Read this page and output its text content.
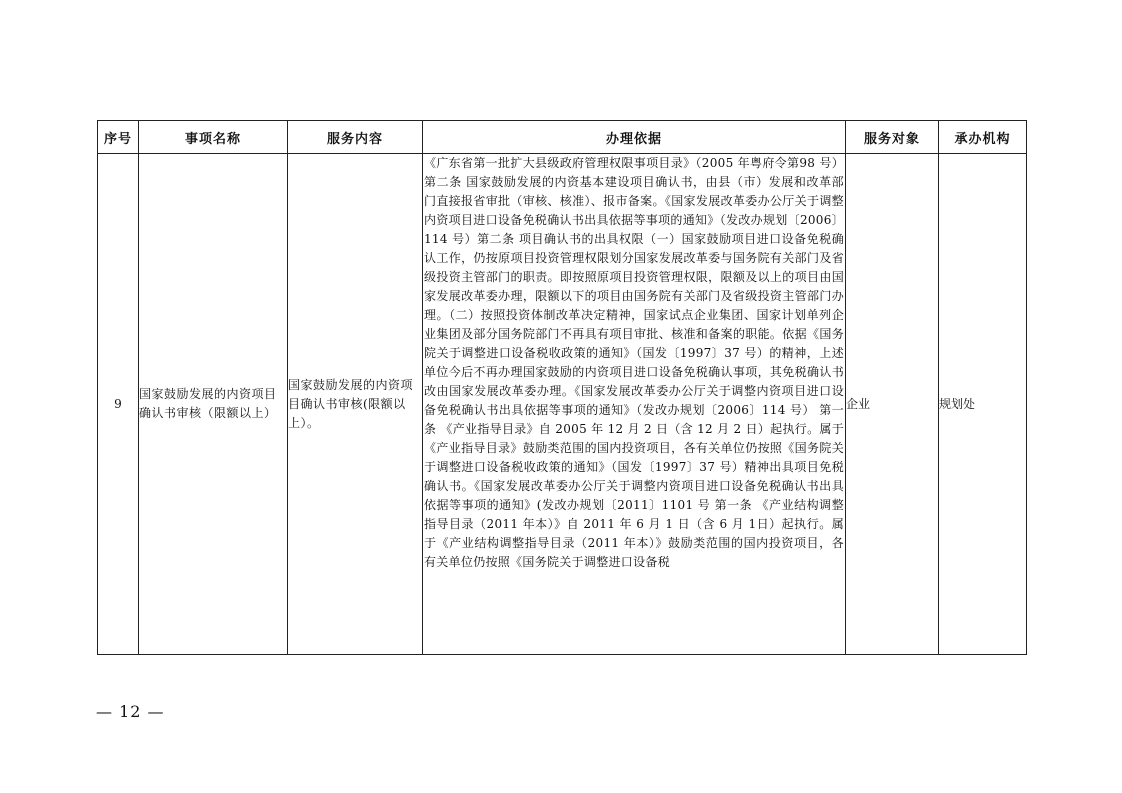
序号	事项名称	服务内容	办理依据	服务对象	承办机构
9	国家鼓励发展的内资项目确认书审核（限额以上）	国家鼓励发展的内资项目确认书审核(限额以上）。	《广东省第一批扩大县级政府管理权限事项目录》（2005 年粤府令第98 号） 第二条 国家鼓励发展的内资基本建设项目确认书，由县（市）发展和改革部门直接报省审批（审核、核准）、报市备案。《国家发展改革委办公厅关于调整内资项目进口设备免税确认书出具依据等事项的通知》（发改办规划〔2006〕114 号）第二条 项目确认书的出具权限（一）国家鼓励项目进口设备免税确认工作，仍按原项目投资管理权限划分国家发展改革委与国务院有关部门及省级投资主管部门的职责。即按照原项目投资管理权限，限额及以上的项目由国家发展改革委办理，限额以下的项目由国务院有关部门及省级投资主管部门办理。（二）按照投资体制改革决定精神，国家试点企业集团、国家计划单列企业集团及部分国务院部门不再具有项目审批、核准和备案的职能。依据《国务院关于调整进口设备税收政策的通知》（国发〔1997〕37 号）的精神，上述单位今后不再办理国家鼓励的内资项目进口设备免税确认事项，其免税确认书改由国家发展改革委办理。《国家发展改革委办公厅关于调整内资项目进口设备免税确认书出具依据等事项的通知》（发改办规划〔2006〕114 号） 第一条 《产业指导目录》自 2005 年 12 月 2 日（含 12 月 2 日）起执行。属于《产业指导目录》鼓励类范围的国内投资项目，各有关单位仍按照《国务院关于调整进口设备税收政策的通知》（国发〔1997〕37 号）精神出具项目免税确认书。《国家发展改革委办公厅关于调整内资项目进口设备免税确认书出具依据等事项的通知》(发改办规划〔2011〕1101 号 第一条 《产业结构调整指导目录（2011 年本）》自 2011 年 6 月 1 日（含 6 月 1日）起执行。属于《产业结构调整指导目录（2011 年本）》鼓励类范围的国内投资项目，各有关单位仍按照《国务院关于调整进口设备税	企业	规划处
— 12 —
